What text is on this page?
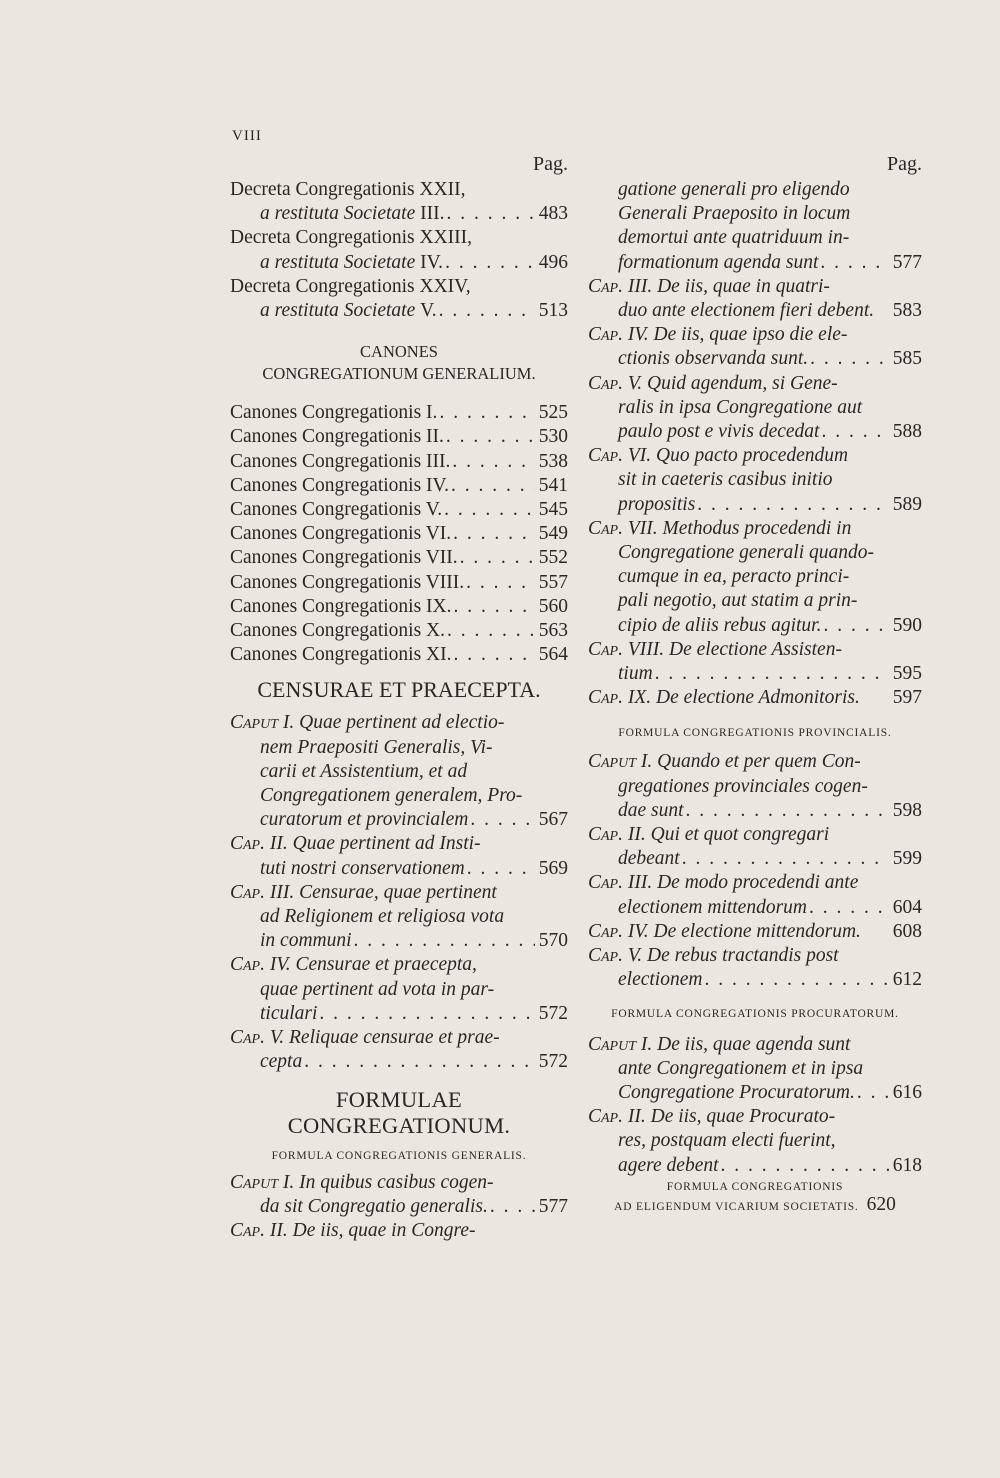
VIII
Pag.
Decreta Congregationis XXII,
a restituta Societate III. . . .	483
Decreta Congregationis XXIII,
a restituta Societate IV. . . .	496
Decreta Congregationis XXIV,
a restituta Societate V. . . .	513
CANONES
CONGREGATIONUM GENERALIUM.
Canones Congregationis I. . . .	525
Canones Congregationis II. . . .	530
Canones Congregationis III. . . .	538
Canones Congregationis IV. . . .	541
Canones Congregationis V. . . .	545
Canones Congregationis VI. . . .	549
Canones Congregationis VII. . . .	552
Canones Congregationis VIII. . . .	557
Canones Congregationis IX. . . .	560
Canones Congregationis X. . . .	563
Canones Congregationis XI. . . .	564
CENSURAE ET PRAECEPTA.
Caput I. Quae pertinent ad electio-
nem Praepositi Generalis, Vi-
carii et Assistentium, et ad
Congregationem generalem, Pro-
curatorum et provincialem . . .	567
Cap. II. Quae pertinent ad Insti-
tuti nostri conservationem . . .	569
Cap. III. Censurae, quae pertinent
ad Religionem et religiosa vota
in communi . . .	570
Cap. IV. Censurae et praecepta,
quae pertinent ad vota in par-
ticulari . . .	572
Cap. V. Reliquae censurae et prae-
cepta . . .	572
FORMULAE CONGREGATIONUM.
FORMULA CONGREGATIONIS GENERALIS.
Caput I. In quibus casibus cogen-
da sit Congregatio generalis. . . .	577
Cap. II. De iis, quae in Congre-
Pag.
gatione generali pro eligendo
Generali Praeposito in locum
demortui ante quatriduum in-
formationum agenda sunt . . .	577
Cap. III. De iis, quae in quatri-
duo ante electionem fieri debent. 583
Cap. IV. De iis, quae ipso die ele-
ctionis observanda sunt. . . .	585
Cap. V. Quid agendum, si Gene-
ralis in ipsa Congregatione aut
paulo post e vivis decedat . . .	588
Cap. VI. Quo pacto procedendum
sit in caeteris casibus initio
propositis . . .	589
Cap. VII. Methodus procedendi in
Congregatione generali quando-
cumque in ea, peracto princi-
pali negotio, aut statim a prin-
cipio de aliis rebus agitur. . . .	590
Cap. VIII. De electione Assisten-
tium . . .	595
Cap. IX. De electione Admonitoris. 597
FORMULA CONGREGATIONIS PROVINCIALIS.
Caput I. Quando et per quem Con-
gregationes provinciales cogen-
dae sunt . . .	598
Cap. II. Qui et quot congregari
debeant . . .	599
Cap. III. De modo procedendi ante
electionem mittendorum . . .	604
Cap. IV. De electione mittendorum. 608
Cap. V. De rebus tractandis post
electionem . . .	612
FORMULA CONGREGATIONIS PROCURATORUM.
Caput I. De iis, quae agenda sunt
ante Congregationem et in ipsa
Congregatione Procuratorum. . . . 616
Cap. II. De iis, quae Procurato-
res, postquam electi fuerint,
agere debent . . .	618
FORMULA CONGREGATIONIS
AD ELIGENDUM VICARIUM SOCIETATIS. 620
